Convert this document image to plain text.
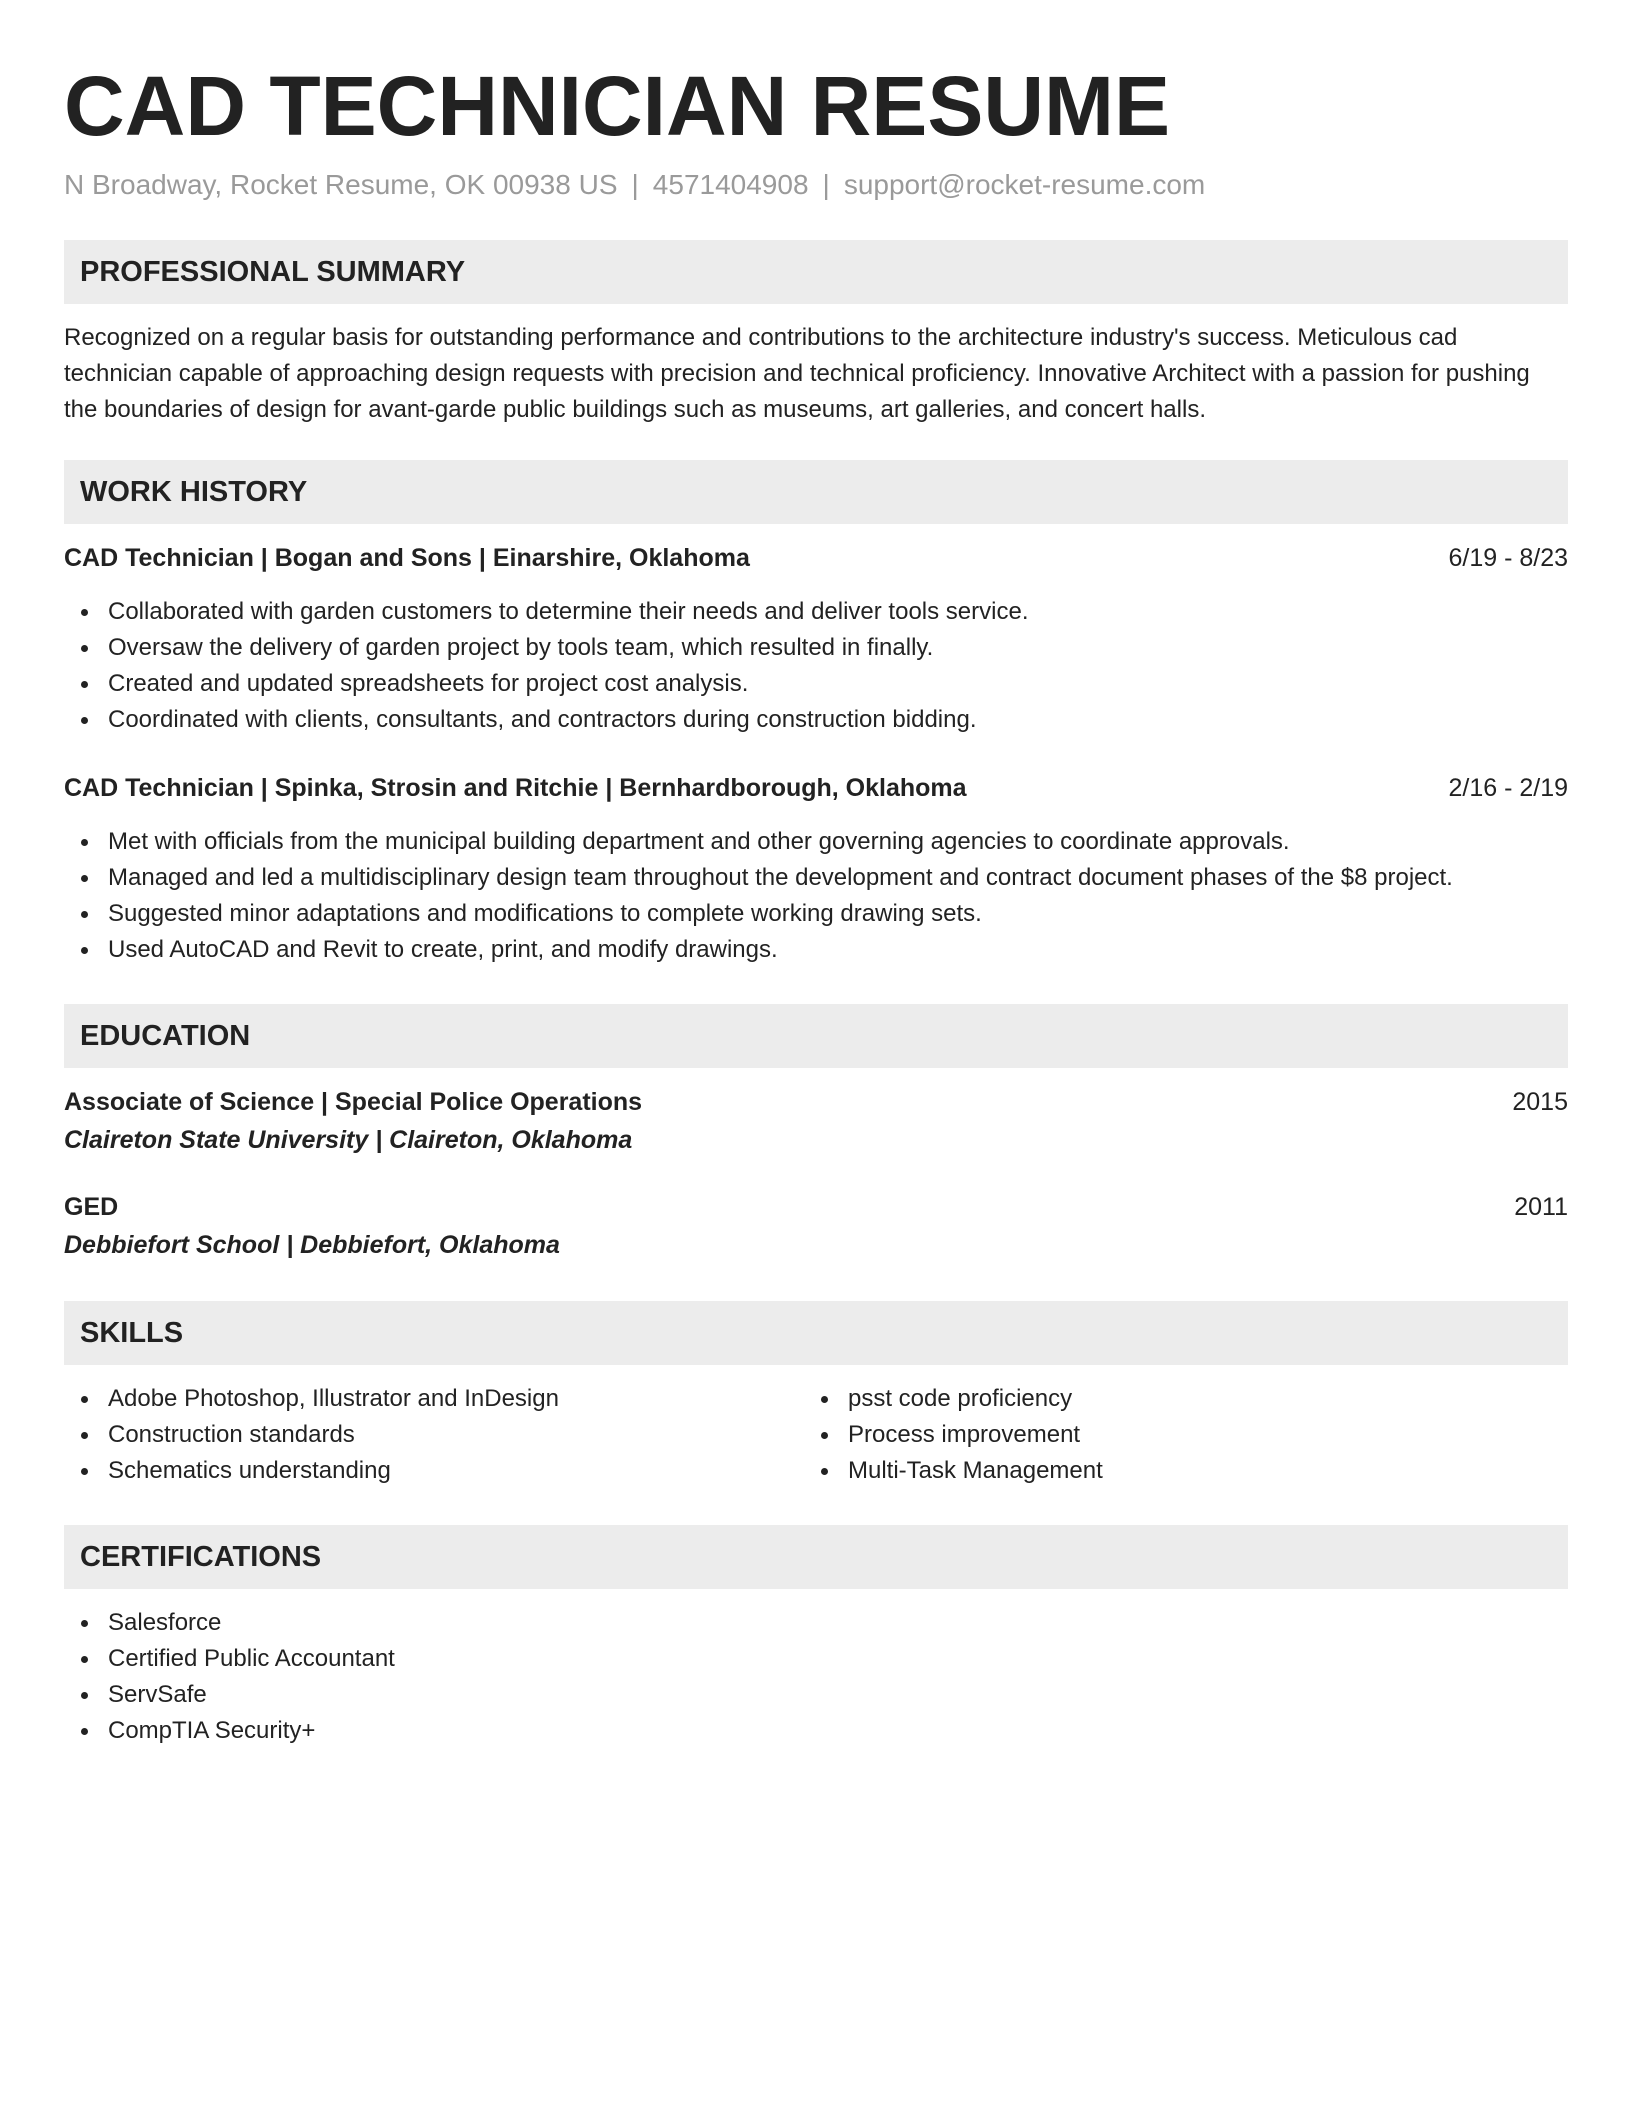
CAD TECHNICIAN RESUME
N Broadway, Rocket Resume, OK 00938 US | 4571404908 | support@rocket-resume.com
PROFESSIONAL SUMMARY

Recognized on a regular basis for outstanding performance and contributions to the architecture industry's success. Meticulous cad technician capable of approaching design requests with precision and technical proficiency. Innovative Architect with a passion for pushing the boundaries of design for avant-garde public buildings such as museums, art galleries, and concert halls.

WORK HISTORY
CAD Technician | Bogan and Sons | Einarshire, Oklahoma	6/19 - 8/23
Collaborated with garden customers to determine their needs and deliver tools service.
Oversaw the delivery of garden project by tools team, which resulted in finally.
Created and updated spreadsheets for project cost analysis.
Coordinated with clients, consultants, and contractors during construction bidding.
CAD Technician | Spinka, Strosin and Ritchie | Bernhardborough, Oklahoma	2/16 - 2/19
Met with officials from the municipal building department and other governing agencies to coordinate approvals.
Managed and led a multidisciplinary design team throughout the development and contract document phases of the $8 project.
Suggested minor adaptations and modifications to complete working drawing sets.
Used AutoCAD and Revit to create, print, and modify drawings.
EDUCATION
Associate of Science | Special Police Operations	2015
Claireton State University | Claireton, Oklahoma
GED	2011
Debbiefort School | Debbiefort, Oklahoma
SKILLS
Adobe Photoshop, Illustrator and InDesign
Construction standards
Schematics understanding
psst code proficiency
Process improvement
Multi-Task Management
CERTIFICATIONS
Salesforce
Certified Public Accountant
ServSafe
CompTIA Security+
